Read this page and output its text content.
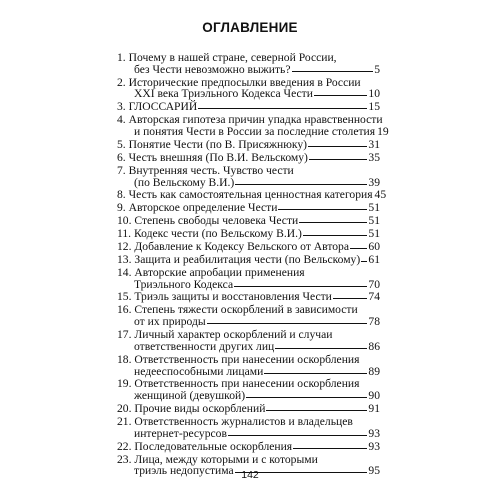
ОГЛАВЛЕНИЕ
1. Почему в нашей стране, северной России,
без Чести невозможно выжить?	5
2. Исторические предпосылки введения в России
XXI века Триэльного Кодекса Чести	10
3. ГЛОССАРИЙ	15
4. Авторская гипотеза причин упадка нравственности
и понятия Чести в России за последние столетия 19
5. Понятие Чести (по В. Присяжнюку)	31
6. Честь внешняя (По В.И. Вельскому)	35
7. Внутренняя честь. Чувство чести
(по Вельскому В.И.)	39
8. Честь как самостоятельная ценностная категория 45
9. Авторское определение Чести	51
10. Степень свободы человека Чести	51
11. Кодекс чести (по Вельскому В.И.)	51
12. Добавление к Кодексу Вельского от Автора 60
13. Защита и реабилитация чести (по Вельскому) 61
14. Авторские апробации применения
Триэльного Кодекса	70
15. Триэль защиты и восстановления Чести	74
16. Степень тяжести оскорблений в зависимости
от их природы	78
17. Личный характер оскорблений и случаи
ответственности других лиц	86
18. Ответственность при нанесении оскорбления
недееспособными лицами	89
19. Ответственность при нанесении оскорбления
женщиной (девушкой)	90
20. Прочие виды оскорблений	91
21. Ответственность журналистов и владельцев
интернет-ресурсов	93
22. Последовательные оскорбления	93
23. Лица, между которыми и с которыми
триэль недопустима	95
142
